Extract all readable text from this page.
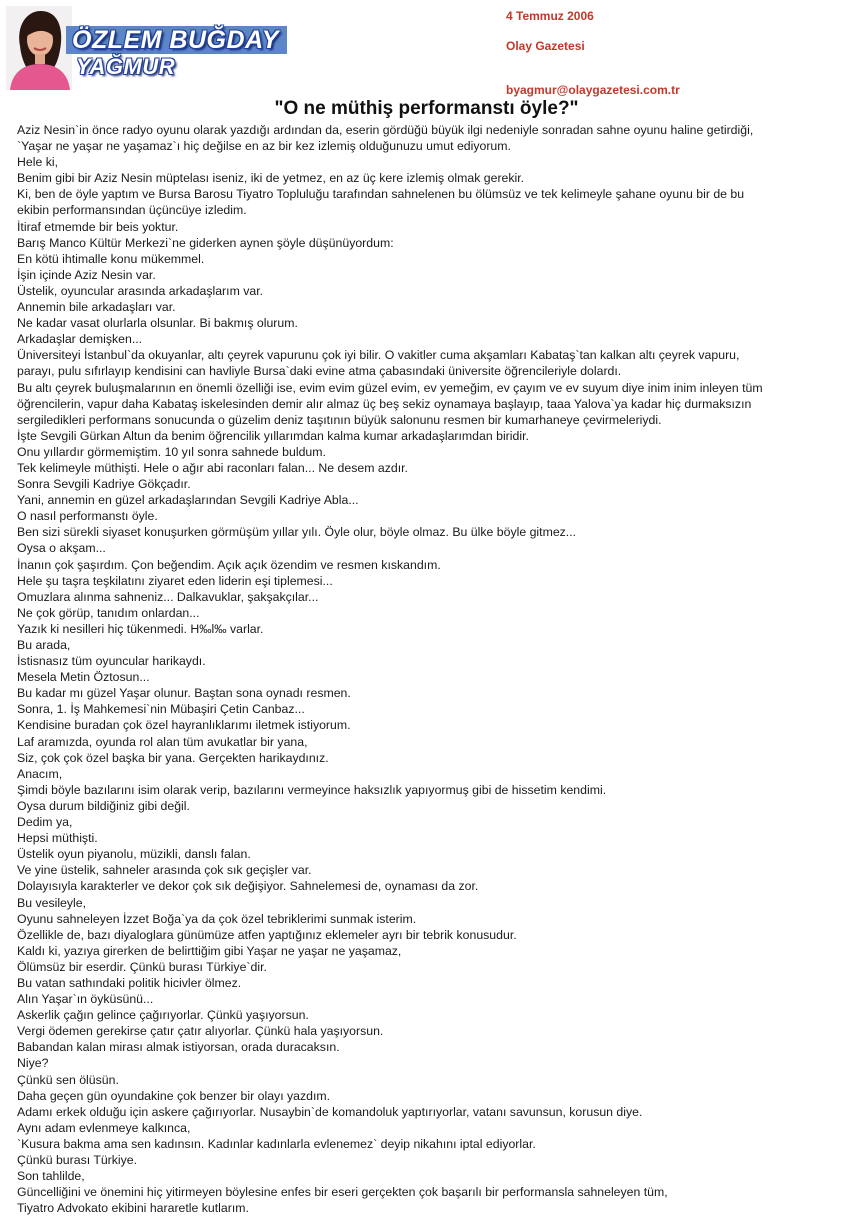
ÖZLEM BUĞDAY
YAĞMUR
4 Temmuz 2006
Olay Gazetesi
byagmur@olaygazetesi.com.tr
"O ne müthiş performanstı öyle?"
Aziz Nesin`in önce radyo oyunu olarak yazdığı ardından da, eserin gördüğü büyük ilgi nedeniyle sonradan sahne oyunu haline getirdiği,
`Yaşar ne yaşar ne yaşamaz`ı hiç değilse en az bir kez izlemiş olduğunuzu umut ediyorum.
Hele ki,
Benim gibi bir Aziz Nesin müptelası iseniz, iki de yetmez, en az üç kere izlemiş olmak gerekir.
Ki, ben de öyle yaptım ve Bursa Barosu Tiyatro Topluluğu tarafından sahnelenen bu ölümsüz ve tek kelimeyle şahane oyunu bir de bu
ekibin performansından üçüncüye izledim.
İtiraf etmemde bir beis yoktur.
Barış Manco Kültür Merkezi`ne giderken aynen şöyle düşünüyordum:
En kötü ihtimalle konu mükemmel.
İşin içinde Aziz Nesin var.
Üstelik, oyuncular arasında arkadaşlarım var.
Annemin bile arkadaşları var.
Ne kadar vasat olurlarla olsunlar. Bi bakmış olurum.
Arkadaşlar demişken...
Üniversiteyi İstanbul`da okuyanlar, altı çeyrek vapurunu çok iyi bilir. O vakitler cuma akşamları Kabataş`tan kalkan altı çeyrek vapuru,
parayı, pulu sıfırlayıp kendisini can havliyle Bursa`daki evine atma çabasındaki üniversite öğrencileriyle dolardı.
Bu altı çeyrek buluşmalarının en önemli özelliği ise, evim evim güzel evim, ev yemeğim, ev çayım ve ev suyum diye inim inim inleyen tüm
öğrencilerin, vapur daha Kabataş iskelesinden demir alır almaz üç beş sekiz oynamaya başlayıp, taaa Yalova`ya kadar hiç durmaksızın
sergiledikleri performans sonucunda o güzelim deniz taşıtının büyük salonunu resmen bir kumarhaneye çevirmeleriydi.
İşte Sevgili Gürkan Altun da benim öğrencilik yıllarımdan kalma kumar arkadaşlarımdan biridir.
Onu yıllardır görmemiştim. 10 yıl sonra sahnede buldum.
Tek kelimeyle müthişti. Hele o ağır abi raconları falan... Ne desem azdır.
Sonra Sevgili Kadriye Gökçadır.
Yani, annemin en güzel arkadaşlarından Sevgili Kadriye Abla...
O nasıl performanstı öyle.
Ben sizi sürekli siyaset konuşurken görmüşüm yıllar yılı. Öyle olur, böyle olmaz. Bu ülke böyle gitmez...
Oysa o akşam...
İnanın çok şaşırdım. Çon beğendim. Açık açık özendim ve resmen kıskandım.
Hele şu taşra teşkilatını ziyaret eden liderin eşi tiplemesi...
Omuzlara alınma sahneniz... Dalkavuklar, şakşakçılar...
Ne çok görüp, tanıdım onlardan...
Yazık ki nesilleri hiç tükenmedi. H‰l‰ varlar.
Bu arada,
İstisnasız tüm oyuncular harikaydı.
Mesela Metin Öztosun...
Bu kadar mı güzel Yaşar olunur. Baştan sona oynadı resmen.
Sonra, 1. İş Mahkemesi`nin Mübaşiri Çetin Canbaz...
Kendisine buradan çok özel hayranlıklarımı iletmek istiyorum.
Laf aramızda, oyunda rol alan tüm avukatlar bir yana,
Siz, çok çok özel başka bir yana. Gerçekten harikaydınız.
Anacım,
Şimdi böyle bazılarını isim olarak verip, bazılarını vermeyince haksızlık yapıyormuş gibi de hissetim kendimi.
Oysa durum bildiğiniz gibi değil.
Dedim ya,
Hepsi müthişti.
Üstelik oyun piyanolu, müzikli, danslı falan.
Ve yine üstelik, sahneler arasında çok sık geçişler var.
Dolayısıyla karakterler ve dekor çok sık değişiyor. Sahnelemesi de, oynaması da zor.
Bu vesileyle,
Oyunu sahneleyen İzzet Boğa`ya da çok özel tebriklerimi sunmak isterim.
Özellikle de, bazı diyaloglara günümüze atfen yaptığınız eklemeler ayrı bir tebrik konusudur.
Kaldı ki, yazıya girerken de belirttiğim gibi Yaşar ne yaşar ne yaşamaz,
Ölümsüz bir eserdir. Çünkü burası Türkiye`dir.
Bu vatan sathındaki politik hicivler ölmez.
Alın Yaşar`ın öyküsünü...
Askerlik çağın gelince çağırıyorlar. Çünkü yaşıyorsun.
Vergi ödemen gerekirse çatır çatır alıyorlar. Çünkü hala yaşıyorsun.
Babandan kalan mirası almak istiyorsan, orada duracaksın.
Niye?
Çünkü sen ölüsün.
Daha geçen gün oyundakine çok benzer bir olayı yazdım.
Adamı erkek olduğu için askere çağırıyorlar. Nusaybin`de komandoluk yaptırıyorlar, vatanı savunsun, korusun diye.
Aynı adam evlenmeye kalkınca,
`Kusura bakma ama sen kadınsın. Kadınlar kadınlarla evlenemez` deyip nikahını iptal ediyorlar.
Çünkü burası Türkiye.
Son tahlilde,
Güncelliğini ve önemini hiç yitirmeyen böylesine enfes bir eseri gerçekten çok başarılı bir performansla sahneleyen tüm,
Tiyatro Advokato ekibini hararetle kutlarım.
